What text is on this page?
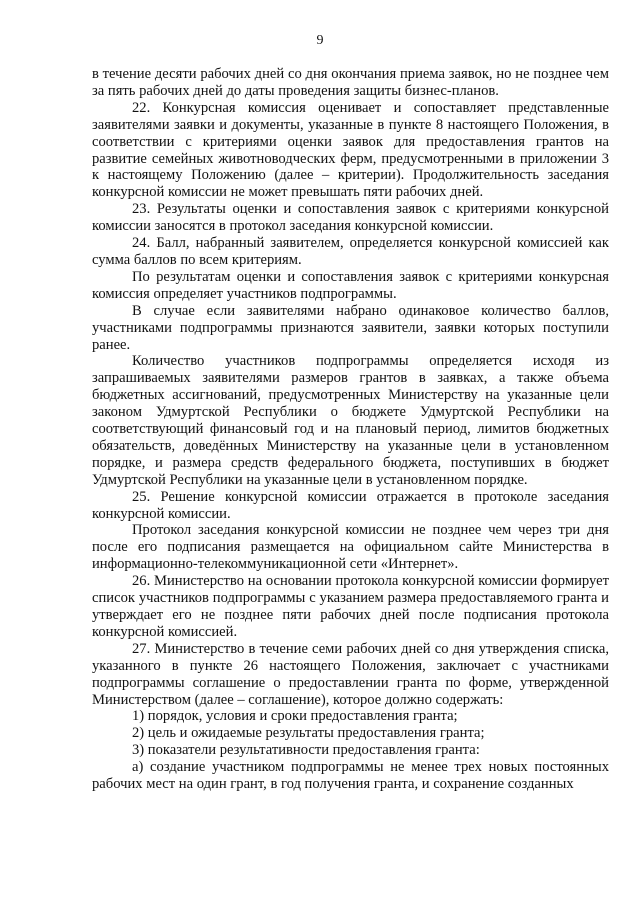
9

в течение десяти рабочих дней со дня окончания приема заявок, но не позднее чем за пять рабочих дней до даты проведения защиты бизнес-планов.

22. Конкурсная комиссия оценивает и сопоставляет представленные заявителями заявки и документы, указанные в пункте 8 настоящего Положения, в соответствии с критериями оценки заявок для предоставления грантов на развитие семейных животноводческих ферм, предусмотренными в приложении 3 к настоящему Положению (далее – критерии). Продолжительность заседания конкурсной комиссии не может превышать пяти рабочих дней.

23. Результаты оценки и сопоставления заявок с критериями конкурсной комиссии заносятся в протокол заседания конкурсной комиссии.

24. Балл, набранный заявителем, определяется конкурсной комиссией как сумма баллов по всем критериям.

По результатам оценки и сопоставления заявок с критериями конкурсная комиссия определяет участников подпрограммы.

В случае если заявителями набрано одинаковое количество баллов, участниками подпрограммы признаются заявители, заявки которых поступили ранее.

Количество участников подпрограммы определяется исходя из запрашиваемых заявителями размеров грантов в заявках, а также объема бюджетных ассигнований, предусмотренных Министерству на указанные цели законом Удмуртской Республики о бюджете Удмуртской Республики на соответствующий финансовый год и на плановый период, лимитов бюджетных обязательств, доведённых Министерству на указанные цели в установленном порядке, и размера средств федерального бюджета, поступивших в бюджет Удмуртской Республики на указанные цели в установленном порядке.

25. Решение конкурсной комиссии отражается в протоколе заседания конкурсной комиссии.

Протокол заседания конкурсной комиссии не позднее чем через три дня после его подписания размещается на официальном сайте Министерства в информационно-телекоммуникационной сети «Интернет».

26. Министерство на основании протокола конкурсной комиссии формирует список участников подпрограммы с указанием размера предоставляемого гранта и утверждает его не позднее пяти рабочих дней после подписания протокола конкурсной комиссией.

27. Министерство в течение семи рабочих дней со дня утверждения списка, указанного в пункте 26 настоящего Положения, заключает с участниками подпрограммы соглашение о предоставлении гранта по форме, утвержденной Министерством (далее – соглашение), которое должно содержать:

1) порядок, условия и сроки предоставления гранта;

2) цель и ожидаемые результаты предоставления гранта;

3) показатели результативности предоставления гранта:

а) создание участником подпрограммы не менее трех новых постоянных рабочих мест на один грант, в год получения гранта, и сохранение созданных
